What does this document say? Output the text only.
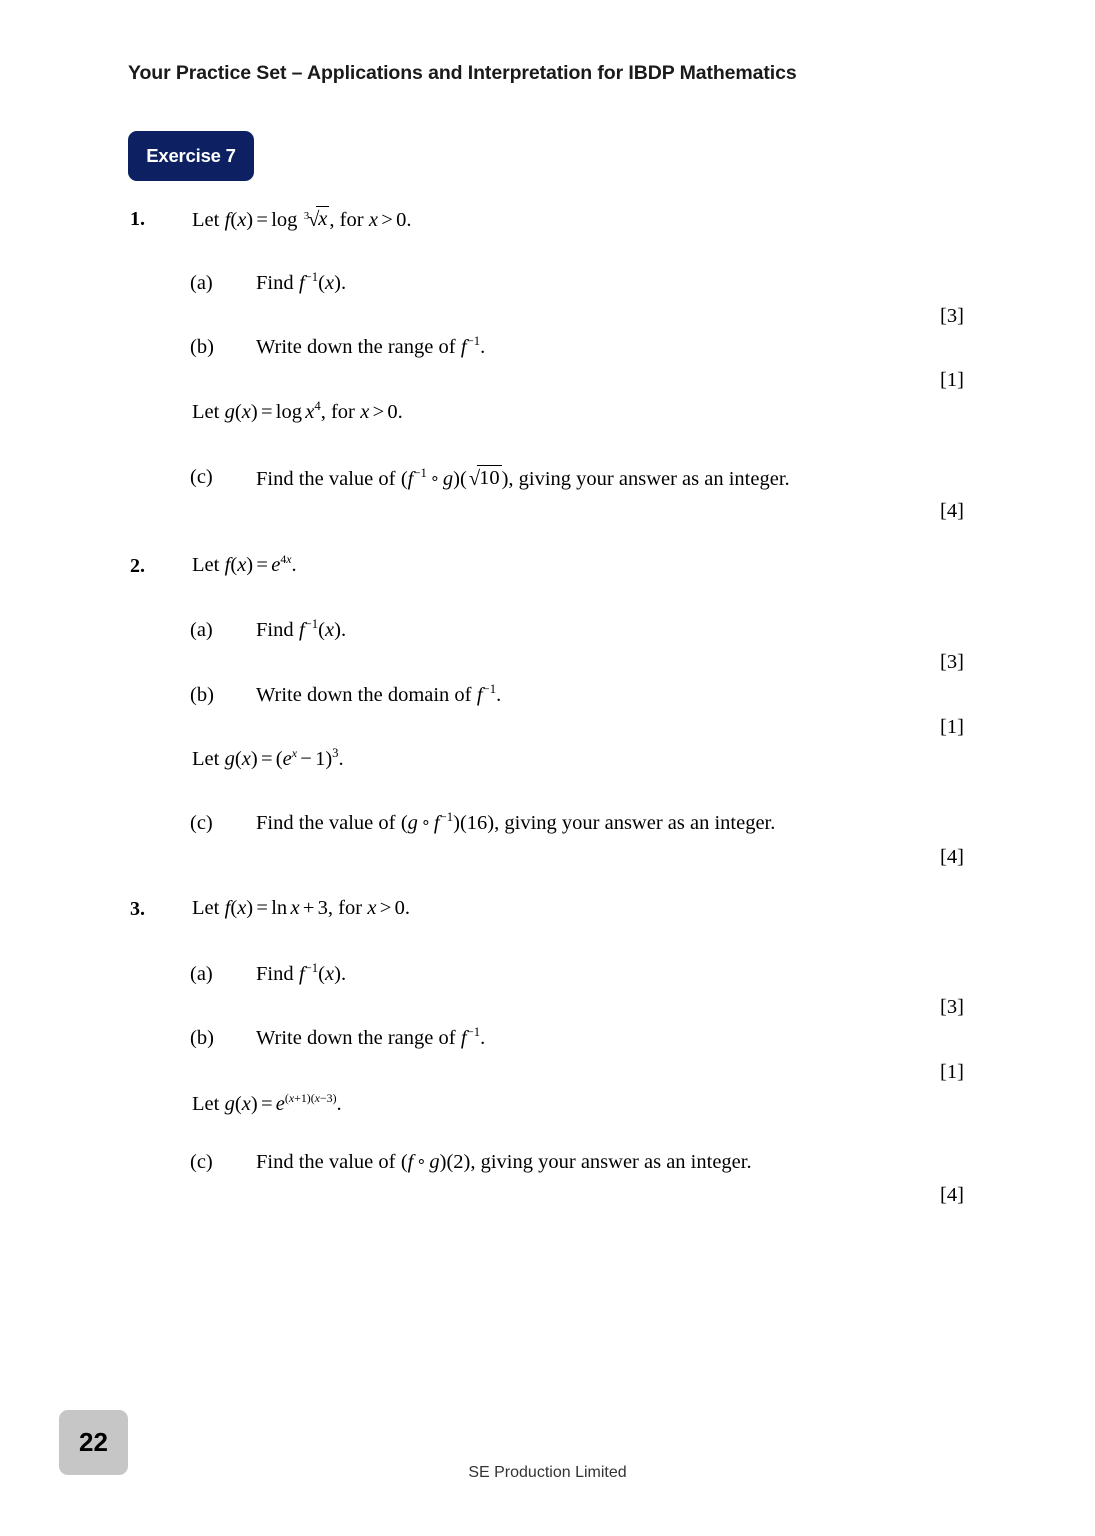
Your Practice Set – Applications and Interpretation for IBDP Mathematics
Exercise 7
1. Let f(x) = log $^3$√x, for x > 0.
(a) Find $f^{-1}(x)$.
[3]
(b) Write down the range of $f^{-1}$.
[1]
Let $g(x) = \log x^4$, for x > 0.
(c) Find the value of ($f^{-1}$ ∘ g)(√10), giving your answer as an integer.
[4]
2. Let $f(x) = e^{4x}$.
(a) Find $f^{-1}(x)$.
[3]
(b) Write down the domain of $f^{-1}$.
[1]
Let $g(x) = (e^x - 1)^3$.
(c) Find the value of (g ∘ $f^{-1})(16)$, giving your answer as an integer.
[4]
3. Let f(x) = ln x + 3, for x > 0.
(a) Find $f^{-1}(x)$.
[3]
(b) Write down the range of $f^{-1}$.
[1]
Let $g(x) = e^{(x+1)(x-3)}$.
(c) Find the value of (f ∘ g)(2), giving your answer as an integer.
[4]
22
SE Production Limited
